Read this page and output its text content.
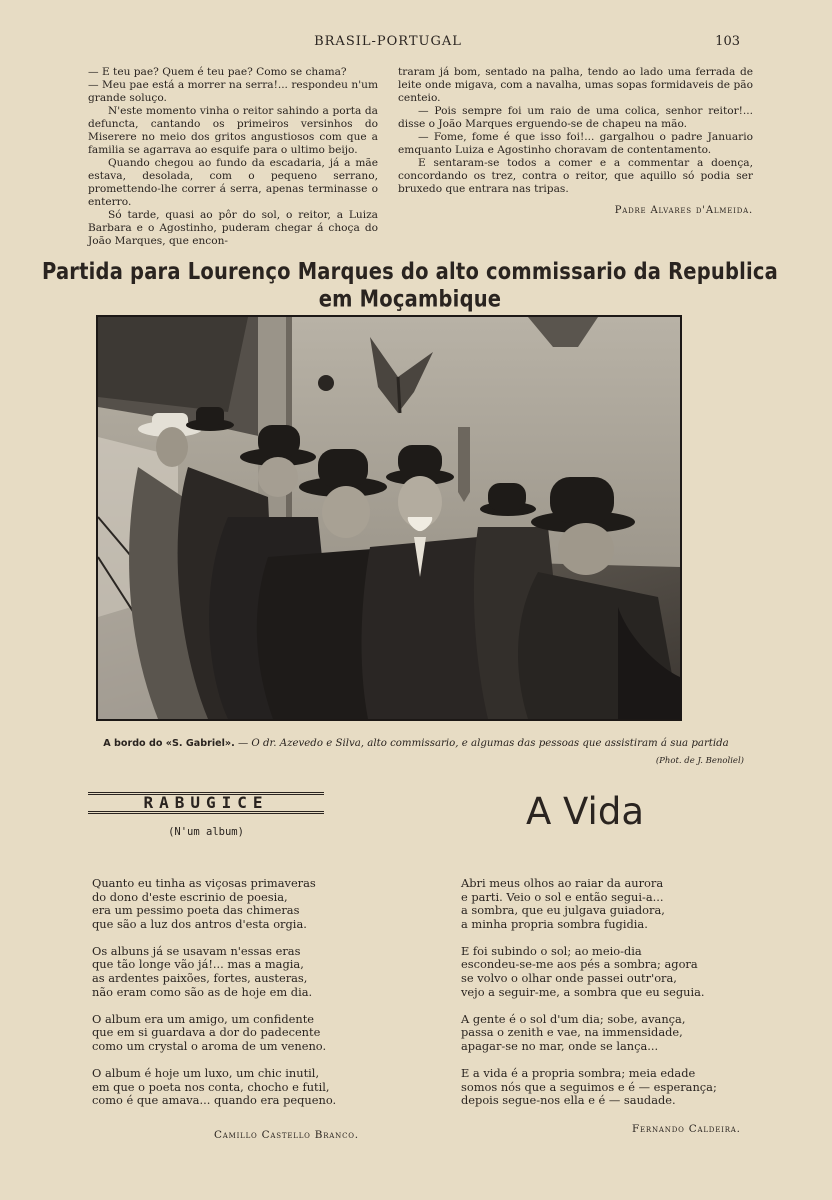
BRASIL-PORTUGAL	103

— E teu pae? Quem é teu pae? Como se chama?

— Meu pae está a morrer na serra!... respondeu n'um grande soluço.

N'este momento vinha o reitor sahindo a porta da defuncta, cantando os primeiros versinhos do Miserere no meio dos gritos angustiosos com que a familia se agarrava ao esquife para o ultimo beijo.

Quando chegou ao fundo da escadaria, já a mãe estava, desolada, com o pequeno serrano, promettendo-lhe correr á serra, apenas terminasse o enterro.

Só tarde, quasi ao pôr do sol, o reitor, a Luiza Barbara e o Agostinho, puderam chegar á choça do João Marques, que encon-

traram já bom, sentado na palha, tendo ao lado uma ferrada de leite onde migava, com a navalha, umas sopas formidaveis de pão centeio.

— Pois sempre foi um raio de uma colica, senhor reitor!... disse o João Marques erguendo-se de chapeu na mão.

— Fome, fome é que isso foi!... gargalhou o padre Januario emquanto Luiza e Agostinho choravam de contentamento.

E sentaram-se todos a comer e a commentar a doença, concordando os trez, contra o reitor, que aquillo só podia ser bruxedo que entrara nas tripas.

Padre Alvares d'Almeida.

Partida para Lourenço Marques do alto commissario da Republica em Moçambique
A bordo do «S. Gabriel». — O dr. Azevedo e Silva, alto commissario, e algumas das pessoas que assistiram á sua partida
(Phot. de J. Benoliel)
RABUGICE
(N'um album)
Quanto eu tinha as viçosas primaveras
do dono d'este escrinio de poesia,
era um pessimo poeta das chimeras
que são a luz dos antros d'esta orgia.
Os albuns já se usavam n'essas eras
que tão longe vão já!... mas a magia,
as ardentes paixões, fortes, austeras,
não eram como são as de hoje em dia.
O album era um amigo, um confidente
que em si guardava a dor do padecente
como um crystal o aroma de um veneno.
O album é hoje um luxo, um chic inutil,
em que o poeta nos conta, chocho e futil,
como é que amava... quando era pequeno.
Camillo Castello Branco.
A Vida
Abri meus olhos ao raiar da aurora
e parti. Veio o sol e então segui-a...
a sombra, que eu julgava guiadora,
a minha propria sombra fugidia.
E foi subindo o sol; ao meio-dia
escondeu-se-me aos pés a sombra; agora
se volvo o olhar onde passei outr'ora,
vejo a seguir-me, a sombra que eu seguia.
A gente é o sol d'um dia; sobe, avança,
passa o zenith e vae, na immensidade,
apagar-se no mar, onde se lança...
E a vida é a propria sombra; meia edade
somos nós que a seguimos e é — esperança;
depois segue-nos ella e é — saudade.
Fernando Caldeira.
